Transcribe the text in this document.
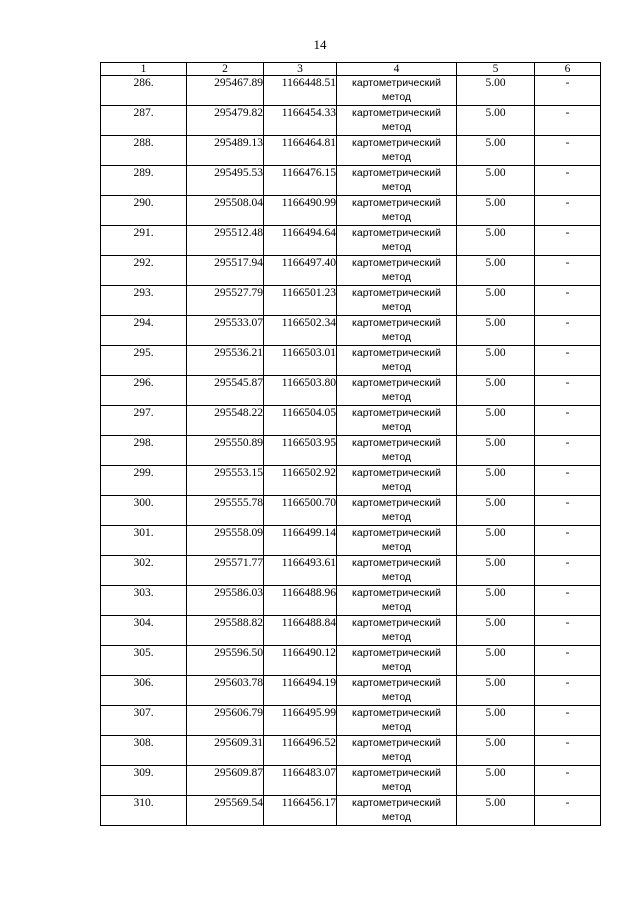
14
1	2	3	4	5	6
286.	295467.89	1166448.51	картометрический метод	5.00	-
287.	295479.82	1166454.33	картометрический метод	5.00	-
288.	295489.13	1166464.81	картометрический метод	5.00	-
289.	295495.53	1166476.15	картометрический метод	5.00	-
290.	295508.04	1166490.99	картометрический метод	5.00	-
291.	295512.48	1166494.64	картометрический метод	5.00	-
292.	295517.94	1166497.40	картометрический метод	5.00	-
293.	295527.79	1166501.23	картометрический метод	5.00	-
294.	295533.07	1166502.34	картометрический метод	5.00	-
295.	295536.21	1166503.01	картометрический метод	5.00	-
296.	295545.87	1166503.80	картометрический метод	5.00	-
297.	295548.22	1166504.05	картометрический метод	5.00	-
298.	295550.89	1166503.95	картометрический метод	5.00	-
299.	295553.15	1166502.92	картометрический метод	5.00	-
300.	295555.78	1166500.70	картометрический метод	5.00	-
301.	295558.09	1166499.14	картометрический метод	5.00	-
302.	295571.77	1166493.61	картометрический метод	5.00	-
303.	295586.03	1166488.96	картометрический метод	5.00	-
304.	295588.82	1166488.84	картометрический метод	5.00	-
305.	295596.50	1166490.12	картометрический метод	5.00	-
306.	295603.78	1166494.19	картометрический метод	5.00	-
307.	295606.79	1166495.99	картометрический метод	5.00	-
308.	295609.31	1166496.52	картометрический метод	5.00	-
309.	295609.87	1166483.07	картометрический метод	5.00	-
310.	295569.54	1166456.17	картометрический метод	5.00	-
